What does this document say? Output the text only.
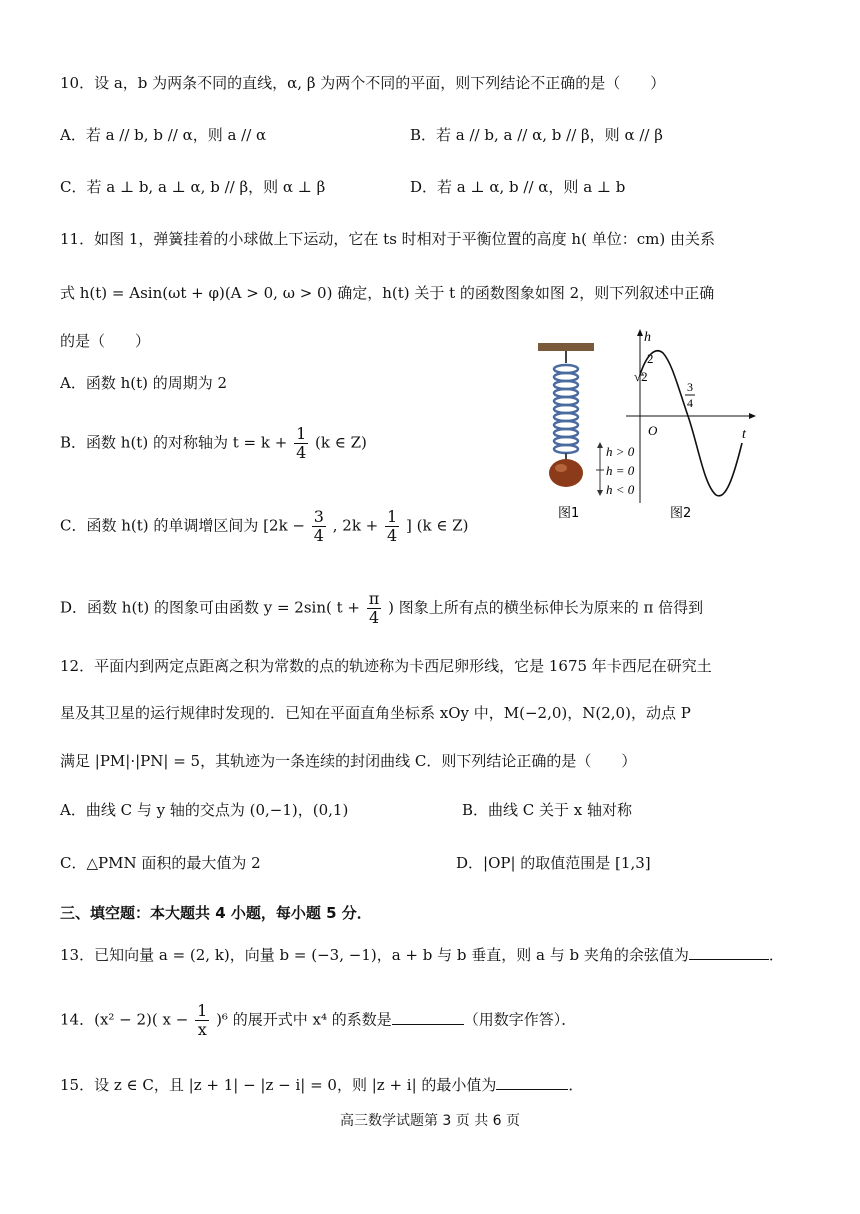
10．设 a，b 为两条不同的直线，α, β 为两个不同的平面，则下列结论不正确的是（　　）
A．若 a // b, b // α，则 a // α	B．若 a // b, a // α, b // β，则 α // β
C．若 a ⊥ b, a ⊥ α, b // β，则 α ⊥ β	D．若 a ⊥ α, b // α，则 a ⊥ b
11．如图 1，弹簧挂着的小球做上下运动，它在 ts 时相对于平衡位置的高度 h( 单位：cm) 由关系
式 h(t) = Asin(ωt + φ)(A > 0, ω > 0) 确定，h(t) 关于 t 的函数图象如图 2，则下列叙述中正确
的是（　　）
A．函数 h(t) 的周期为 2
B．函数 h(t) 的对称轴为 $t = k + \frac{1}{4} (k$ ∈ Z)
C．函数 h(t) 的单调增区间为 [$2k - \frac{3}{4}$ , $2k + \frac{1}{4}$ ] (k ∈ Z)
D．函数 h(t) 的图象可由函数 y = 2sin( $t + \frac{\pi}{4}$ ) 图象上所有点的横坐标伸长为原来的 π 倍得到
h > 0
h = 0
h < 0
图1
h
t
2
√2
O
3
4
图2
12．平面内到两定点距离之积为常数的点的轨迹称为卡西尼卵形线，它是 1675 年卡西尼在研究土
星及其卫星的运行规律时发现的．已知在平面直角坐标系 xOy 中，M(−2,0)，N(2,0)，动点 P
满足 |PM|·|PN| = 5，其轨迹为一条连续的封闭曲线 C．则下列结论正确的是（　　）
A．曲线 C 与 y 轴的交点为 (0,−1)，(0,1)	B．曲线 C 关于 x 轴对称
C．△PMN 面积的最大值为 2	D．|OP| 的取值范围是 [1,3]
三、填空题：本大题共 4 小题，每小题 5 分．
13．已知向量 a = (2, k)，向量 b = (−3, −1)，a + b 与 b 垂直，则 a 与 b 夹角的余弦值为	．
14．(x² − 2)( $x - \frac{1}{x} )^6$ 的展开式中 x⁴ 的系数是	（用数字作答）．
15．设 z ∈ C，且 |z + 1| − |z − i| = 0，则 |z + i| 的最小值为	．
高三数学试题第 3 页 共 6 页
